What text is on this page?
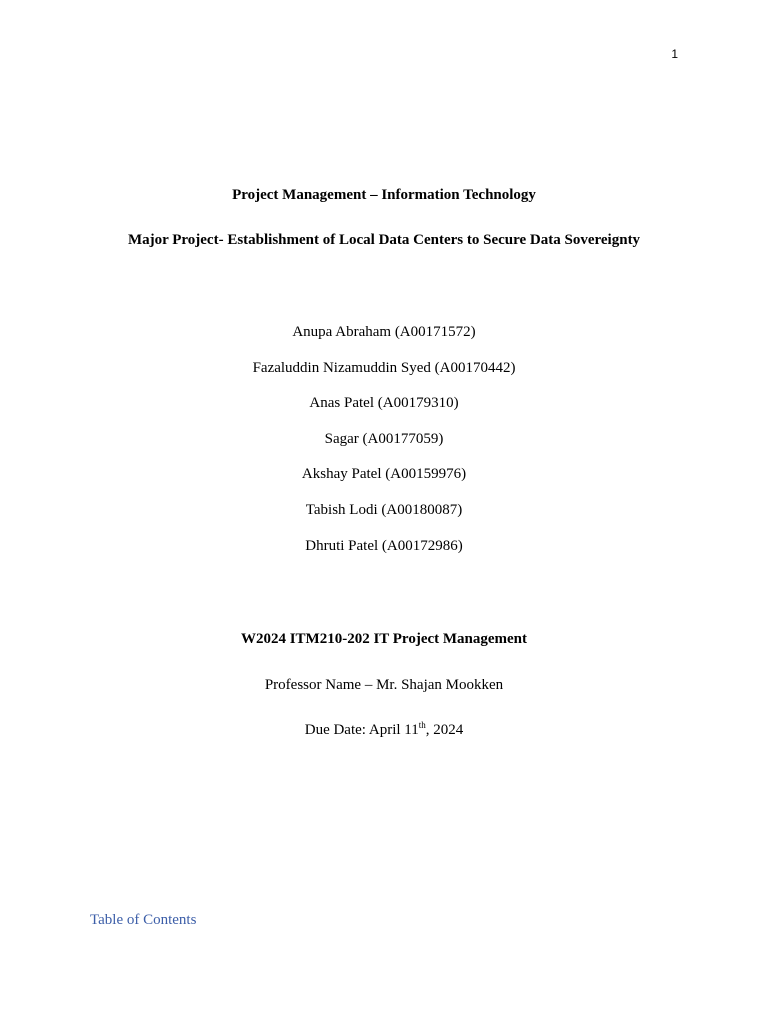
1
Project Management – Information Technology
Major Project- Establishment of Local Data Centers to Secure Data Sovereignty
Anupa Abraham (A00171572)
Fazaluddin Nizamuddin Syed (A00170442)
Anas Patel (A00179310)
Sagar (A00177059)
Akshay Patel (A00159976)
Tabish Lodi (A00180087)
Dhruti Patel (A00172986)
W2024 ITM210-202 IT Project Management
Professor Name – Mr. Shajan Mookken
Due Date: April 11th, 2024
Table of Contents
